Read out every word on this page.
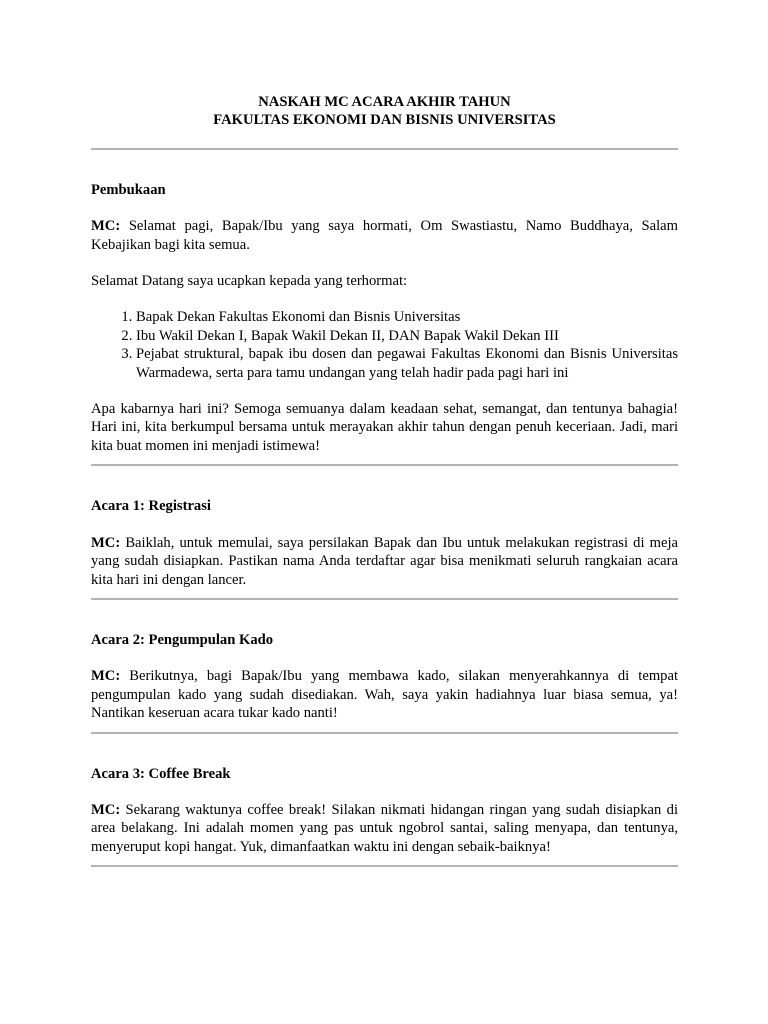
NASKAH MC ACARA AKHIR TAHUN
FAKULTAS EKONOMI DAN BISNIS UNIVERSITAS

Pembukaan

MC: Selamat pagi, Bapak/Ibu yang saya hormati, Om Swastiastu, Namo Buddhaya, Salam Kebajikan bagi kita semua.

Selamat Datang saya ucapkan kepada yang terhormat:

1. Bapak Dekan Fakultas Ekonomi dan Bisnis Universitas
2. Ibu Wakil Dekan I, Bapak Wakil Dekan II, DAN Bapak Wakil Dekan III
3. Pejabat struktural, bapak ibu dosen dan pegawai Fakultas Ekonomi dan Bisnis Universitas Warmadewa, serta para tamu undangan yang telah hadir pada pagi hari ini

Apa kabarnya hari ini? Semoga semuanya dalam keadaan sehat, semangat, dan tentunya bahagia! Hari ini, kita berkumpul bersama untuk merayakan akhir tahun dengan penuh keceriaan. Jadi, mari kita buat momen ini menjadi istimewa!

Acara 1: Registrasi

MC: Baiklah, untuk memulai, saya persilakan Bapak dan Ibu untuk melakukan registrasi di meja yang sudah disiapkan. Pastikan nama Anda terdaftar agar bisa menikmati seluruh rangkaian acara kita hari ini dengan lancer.

Acara 2: Pengumpulan Kado

MC: Berikutnya, bagi Bapak/Ibu yang membawa kado, silakan menyerahkannya di tempat pengumpulan kado yang sudah disediakan. Wah, saya yakin hadiahnya luar biasa semua, ya! Nantikan keseruan acara tukar kado nanti!

Acara 3: Coffee Break

MC: Sekarang waktunya coffee break! Silakan nikmati hidangan ringan yang sudah disiapkan di area belakang. Ini adalah momen yang pas untuk ngobrol santai, saling menyapa, dan tentunya, menyeruput kopi hangat. Yuk, dimanfaatkan waktu ini dengan sebaik-baiknya!
